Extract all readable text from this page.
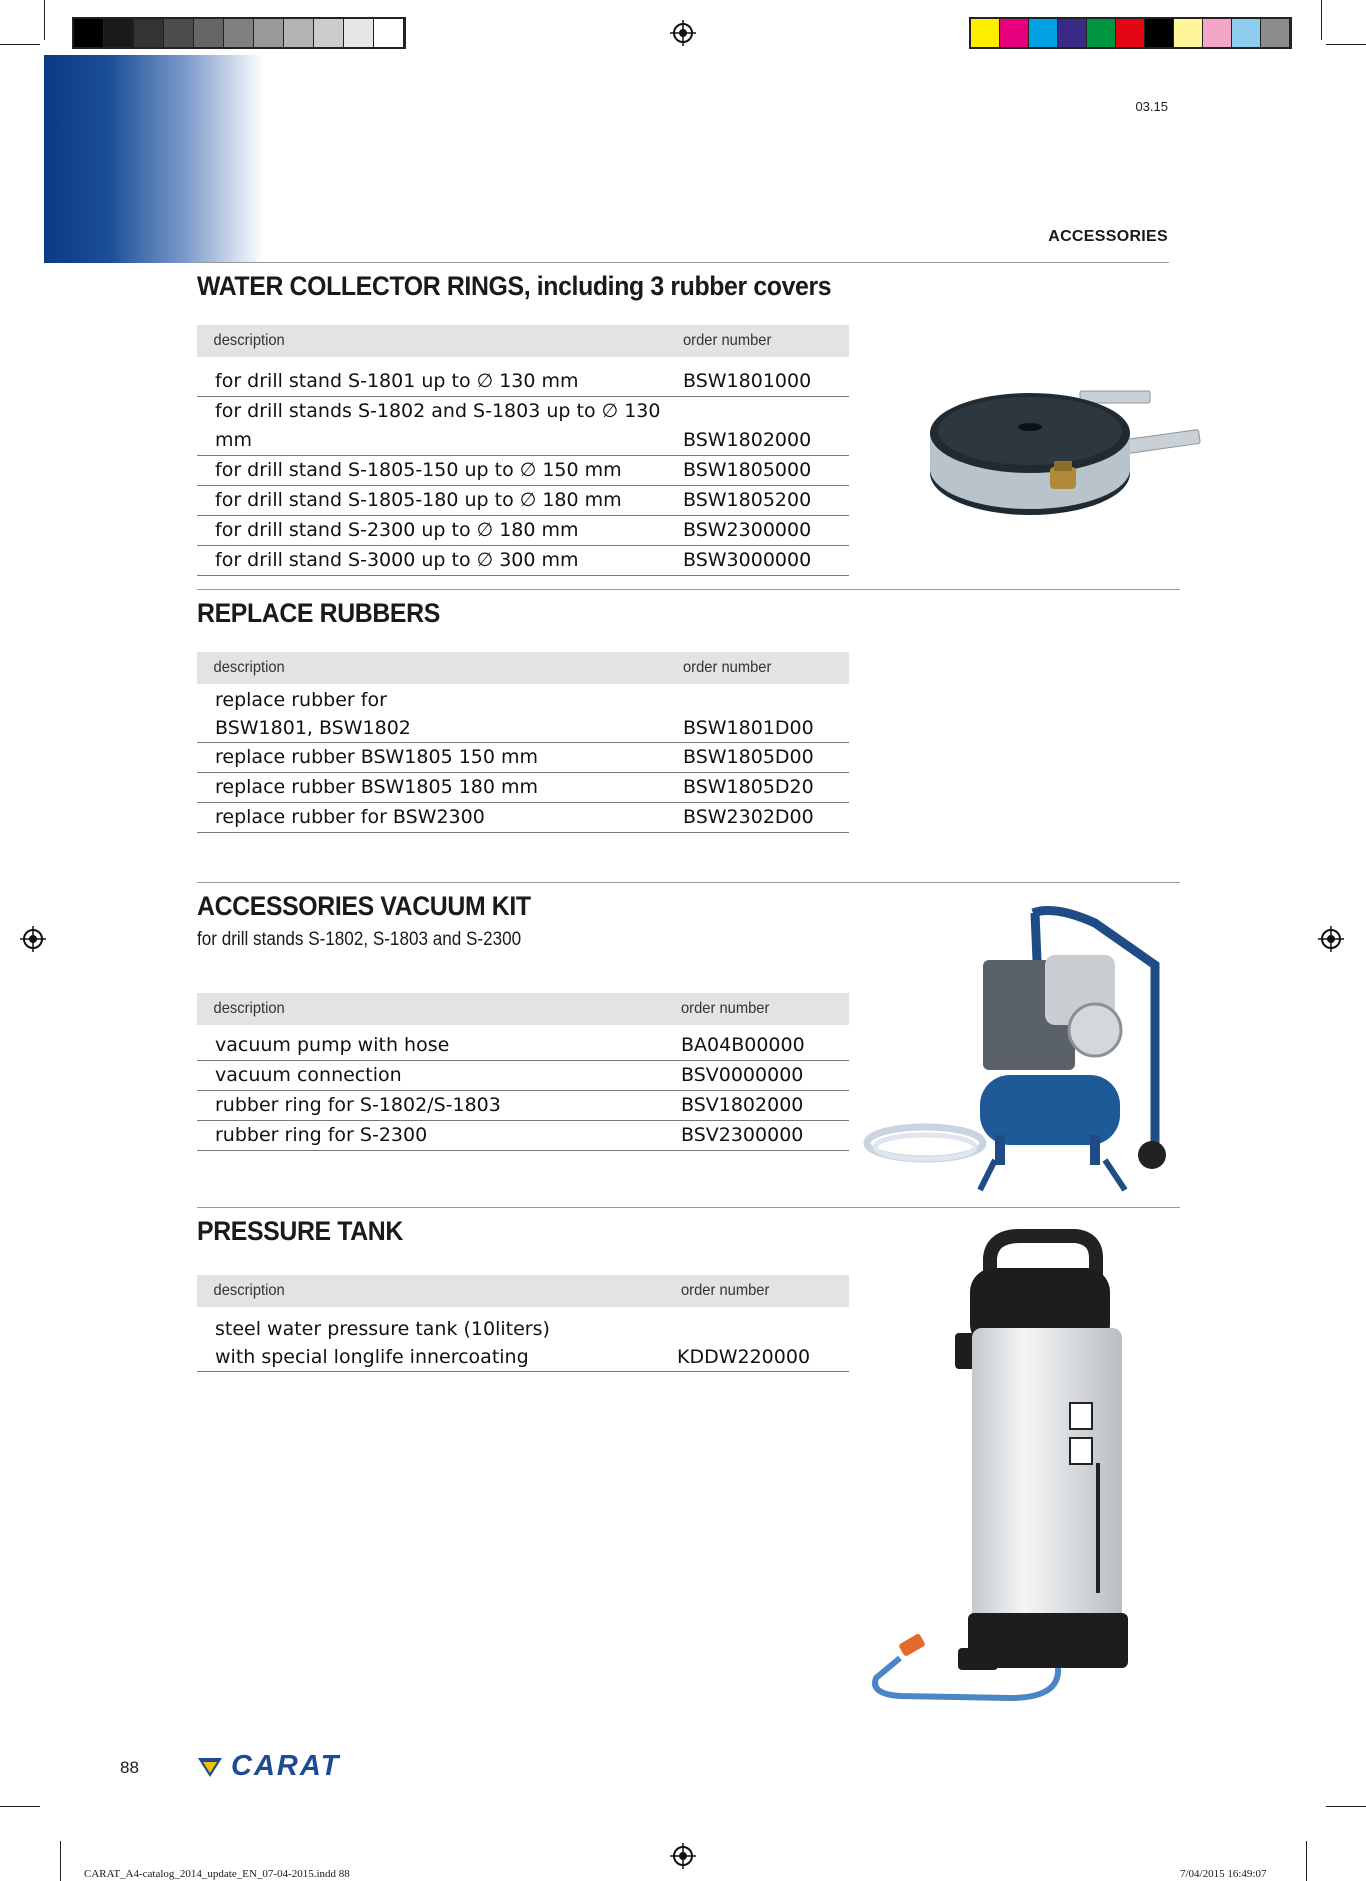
03.15
ACCESSORIES
WATER COLLECTOR RINGS, including 3 rubber covers
description	order number
for drill stand S-1801 up to ∅ 130 mm	BSW1801000
for drill stands S-1802 and S-1803 up to ∅ 130 mm	BSW1802000
for drill stand S-1805-150 up to ∅ 150 mm	BSW1805000
for drill stand S-1805-180 up to ∅ 180 mm	BSW1805200
for drill stand S-2300 up to ∅ 180 mm	BSW2300000
for drill stand S-3000 up to ∅ 300 mm	BSW3000000
REPLACE RUBBERS
description	order number
replace rubber for
BSW1801, BSW1802	BSW1801D00
replace rubber BSW1805 150 mm	BSW1805D00
replace rubber BSW1805 180 mm	BSW1805D20
replace rubber for BSW2300	BSW2302D00
ACCESSORIES VACUUM KIT
for drill stands S-1802, S-1803 and S-2300
description	order number
vacuum pump with hose	BA04B00000
vacuum connection	BSV0000000
rubber ring for S-1802/S-1803	BSV1802000
rubber ring for S-2300	BSV2300000
PRESSURE TANK
description	order number
steel water pressure tank (10liters)
with special longlife innercoating	KDDW220000
88	CARAT
CARAT_A4-catalog_2014_update_EN_07-04-2015.indd 88	7/04/2015 16:49:07
